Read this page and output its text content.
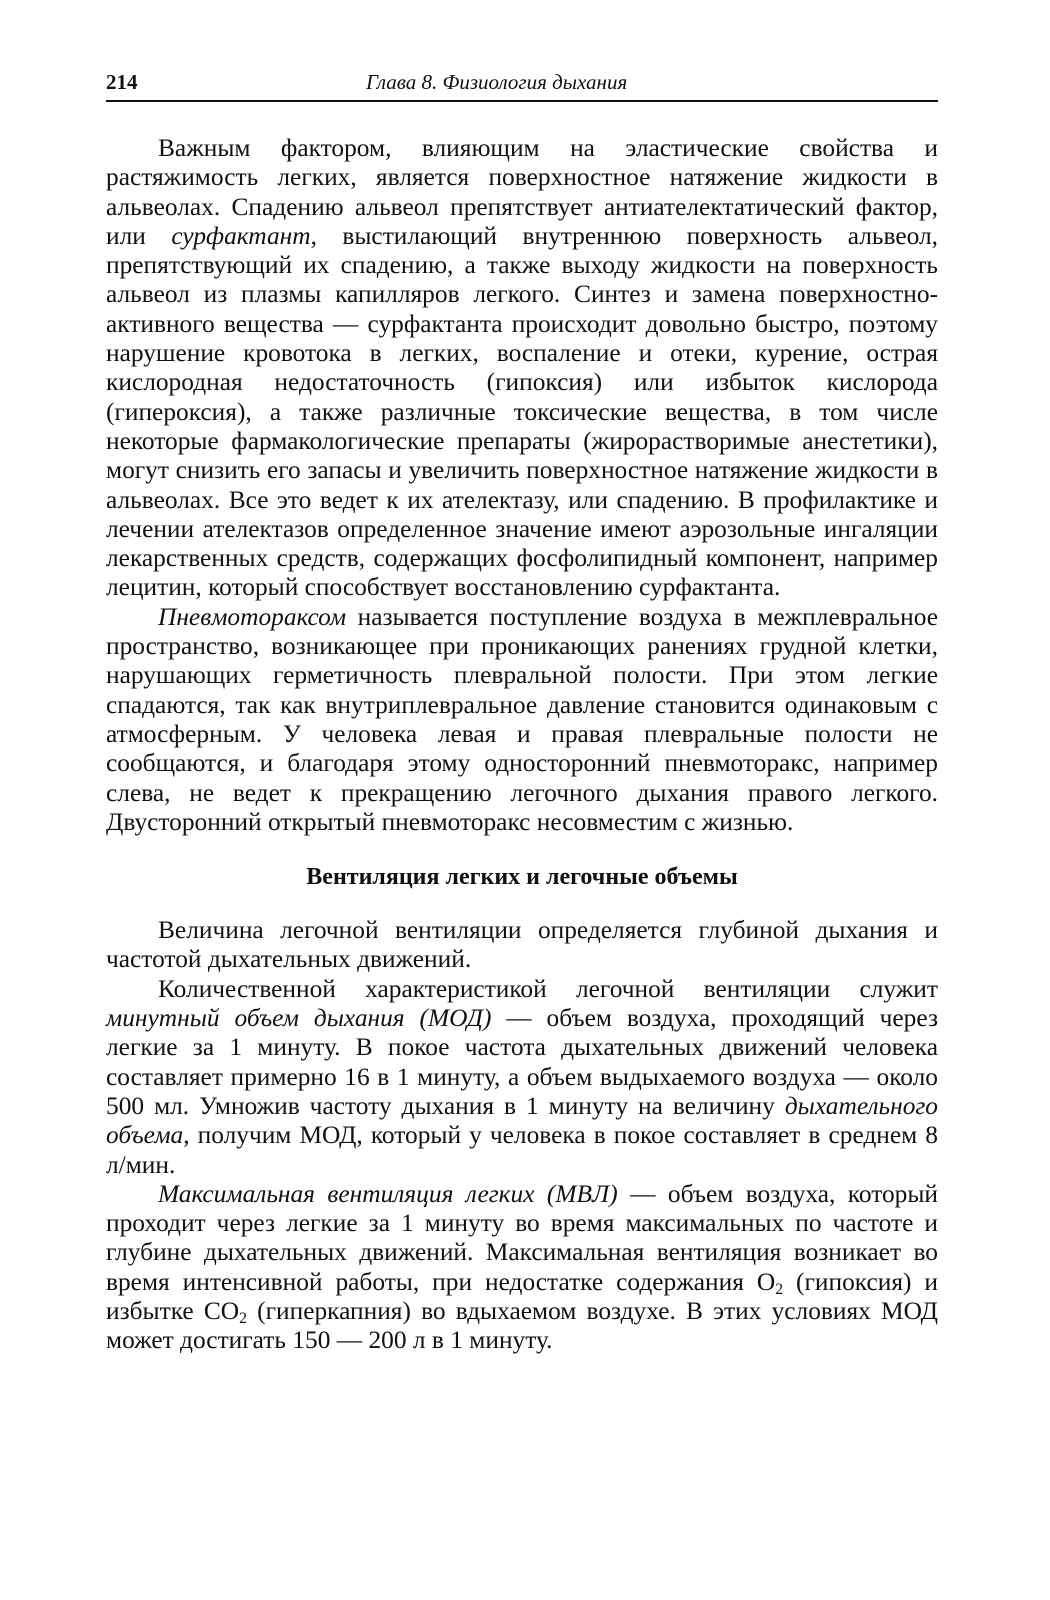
214	Глава 8. Физиология дыхания

Важным фактором, влияющим на эластические свойства и растяжимость легких, является поверхностное натяжение жидкости в альвеолах. Спадению альвеол препятствует антиателектатический фактор, или сурфактант, выстилающий внутреннюю поверхность альвеол, препятствующий их спадению, а также выходу жидкости на поверхность альвеол из плазмы капилляров легкого. Синтез и замена поверхностно-активного вещества — сурфактанта происходит довольно быстро, поэтому нарушение кровотока в легких, воспаление и отеки, курение, острая кислородная недостаточность (гипоксия) или избыток кислорода (гипероксия), а также различные токсические вещества, в том числе некоторые фармакологические препараты (жирорастворимые анестетики), могут снизить его запасы и увеличить поверхностное натяжение жидкости в альвеолах. Все это ведет к их ателектазу, или спадению. В профилактике и лечении ателектазов определенное значение имеют аэрозольные ингаляции лекарственных средств, содержащих фосфолипидный компонент, например лецитин, который способствует восстановлению сурфактанта.

Пневмотораксом называется поступление воздуха в межплевральное пространство, возникающее при проникающих ранениях грудной клетки, нарушающих герметичность плевральной полости. При этом легкие спадаются, так как внутриплевральное давление становится одинаковым с атмосферным. У человека левая и правая плевральные полости не сообщаются, и благодаря этому односторонний пневмоторакс, например слева, не ведет к прекращению легочного дыхания правого легкого. Двусторонний открытый пневмоторакс несовместим с жизнью.

Вентиляция легких и легочные объемы

Величина легочной вентиляции определяется глубиной дыхания и частотой дыхательных движений.

Количественной характеристикой легочной вентиляции служит минутный объем дыхания (МОД) — объем воздуха, проходящий через легкие за 1 минуту. В покое частота дыхательных движений человека составляет примерно 16 в 1 минуту, а объем выдыхаемого воздуха — около 500 мл. Умножив частоту дыхания в 1 минуту на величину дыхательного объема, получим МОД, который у человека в покое составляет в среднем 8 л/мин.

Максимальная вентиляция легких (МВЛ) — объем воздуха, который проходит через легкие за 1 минуту во время максимальных по частоте и глубине дыхательных движений. Максимальная вентиляция возникает во время интенсивной работы, при недостатке содержания $O_2$ (гипоксия) и избытке $CO_2$ (гиперкапния) во вдыхаемом воздухе. В этих условиях МОД может достигать 150 — 200 л в 1 минуту.
